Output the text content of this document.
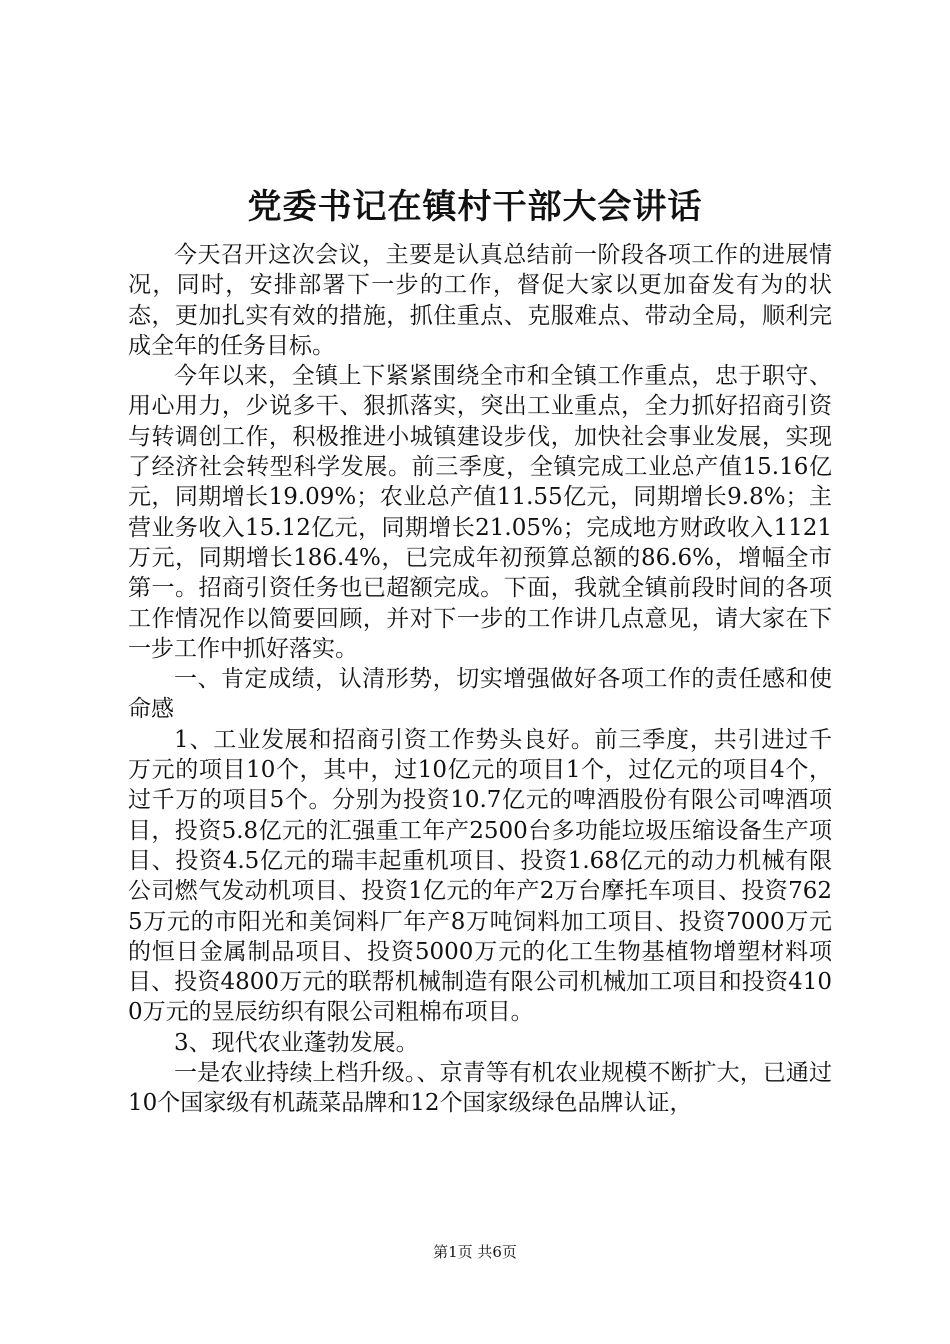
党委书记在镇村干部大会讲话

今天召开这次会议，主要是认真总结前一阶段各项工作的进展情况，同时，安排部署下一步的工作，督促大家以更加奋发有为的状态，更加扎实有效的措施，抓住重点、克服难点、带动全局，顺利完成全年的任务目标。

今年以来，全镇上下紧紧围绕全市和全镇工作重点，忠于职守、用心用力，少说多干、狠抓落实，突出工业重点，全力抓好招商引资与转调创工作，积极推进小城镇建设步伐，加快社会事业发展，实现了经济社会转型科学发展。前三季度，全镇完成工业总产值15.16亿元，同期增长19.09%；农业总产值11.55亿元，同期增长9.8%；主营业务收入15.12亿元，同期增长21.05%；完成地方财政收入1121万元，同期增长186.4%，已完成年初预算总额的86.6%，增幅全市第一。招商引资任务也已超额完成。下面，我就全镇前段时间的各项工作情况作以简要回顾，并对下一步的工作讲几点意见，请大家在下一步工作中抓好落实。

一、肯定成绩，认清形势，切实增强做好各项工作的责任感和使命感

1、工业发展和招商引资工作势头良好。前三季度，共引进过千万元的项目10个，其中，过10亿元的项目1个，过亿元的项目4个，过千万的项目5个。分别为投资10.7亿元的啤酒股份有限公司啤酒项目，投资5.8亿元的汇强重工年产2500台多功能垃圾压缩设备生产项目、投资4.5亿元的瑞丰起重机项目、投资1.68亿元的动力机械有限公司燃气发动机项目、投资1亿元的年产2万台摩托车项目、投资7625万元的市阳光和美饲料厂年产8万吨饲料加工项目、投资7000万元的恒日金属制品项目、投资5000万元的化工生物基植物增塑材料项目、投资4800万元的联帮机械制造有限公司机械加工项目和投资4100万元的昱辰纺织有限公司粗棉布项目。

3、现代农业蓬勃发展。

一是农业持续上档升级。、京青等有机农业规模不断扩大，已通过10个国家级有机蔬菜品牌和12个国家级绿色品牌认证，

第1页 共6页
